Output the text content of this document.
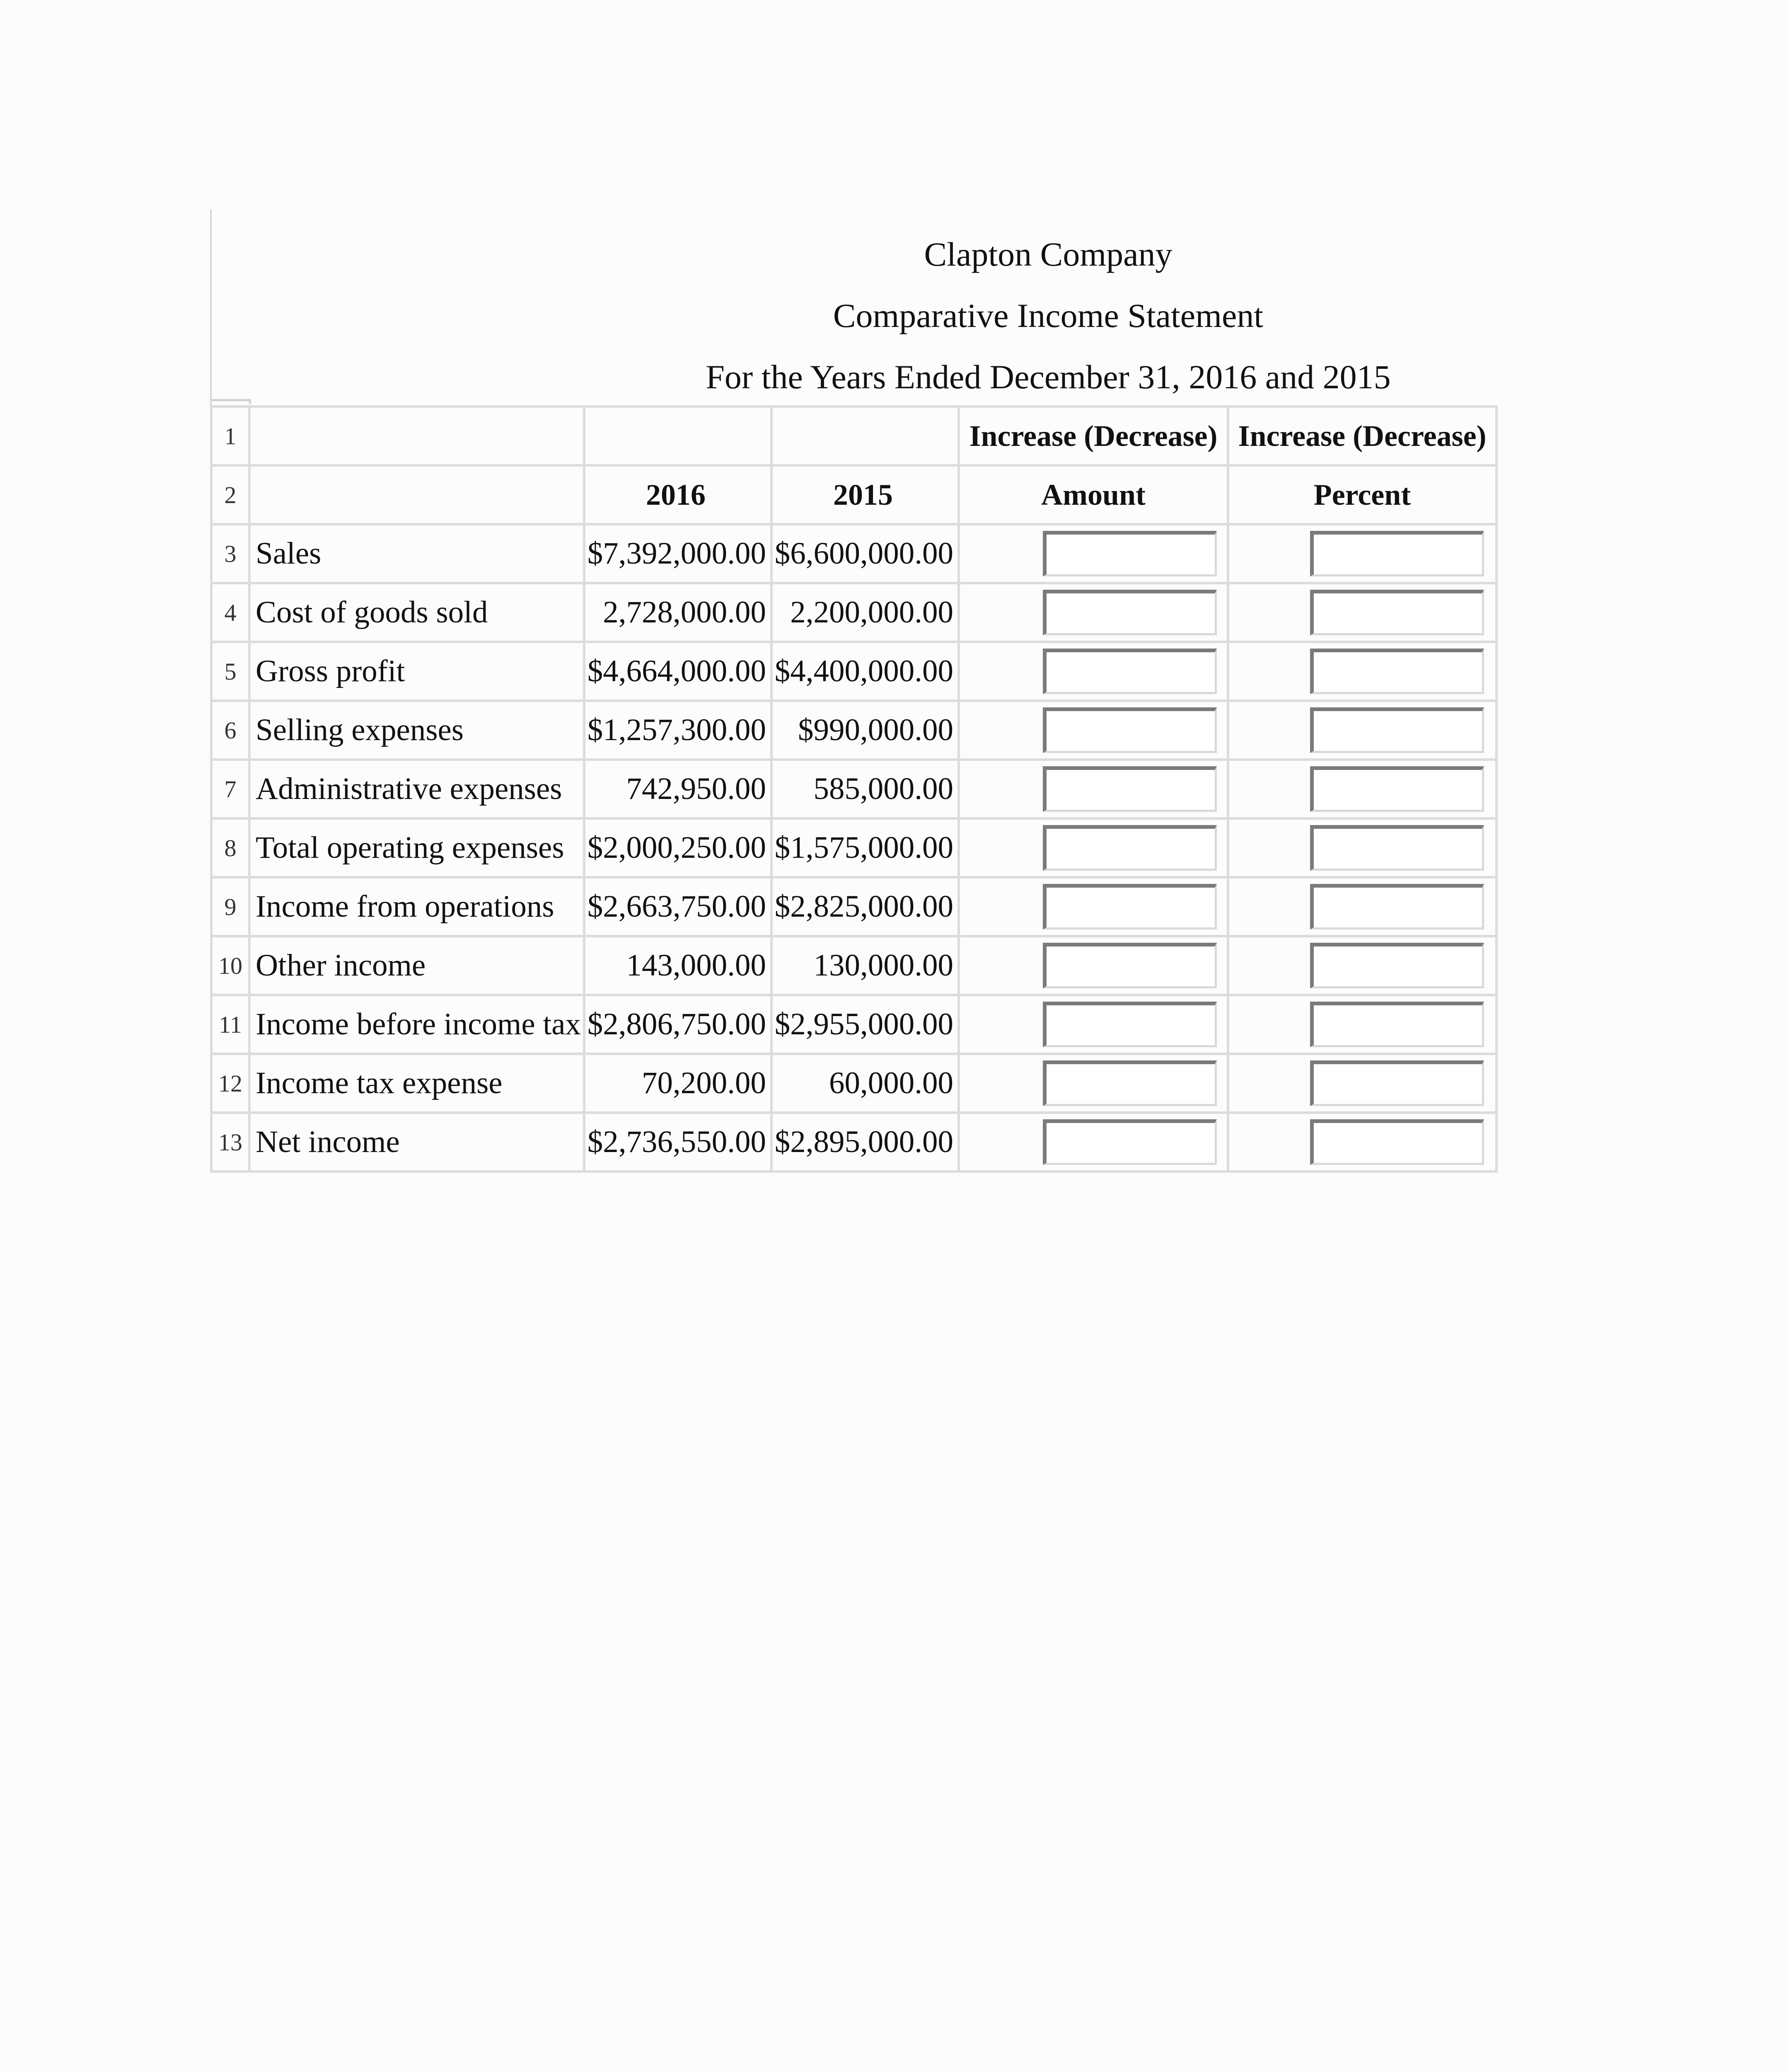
Clapton Company
Comparative Income Statement
For the Years Ended December 31, 2016 and 2015
1				Increase (Decrease)	Increase (Decrease)
2		2016	2015	Amount	Percent
3	Sales	$7,392,000.00	$6,600,000.00	

4	Cost of goods sold	2,728,000.00	2,200,000.00	

5	Gross profit	$4,664,000.00	$4,400,000.00	

6	Selling expenses	$1,257,300.00	$990,000.00	

7	Administrative expenses	742,950.00	585,000.00	

8	Total operating expenses	$2,000,250.00	$1,575,000.00	

9	Income from operations	$2,663,750.00	$2,825,000.00	

10	Other income	143,000.00	130,000.00	

11	Income before income tax	$2,806,750.00	$2,955,000.00	

12	Income tax expense	70,200.00	60,000.00	

13	Net income	$2,736,550.00	$2,895,000.00	
